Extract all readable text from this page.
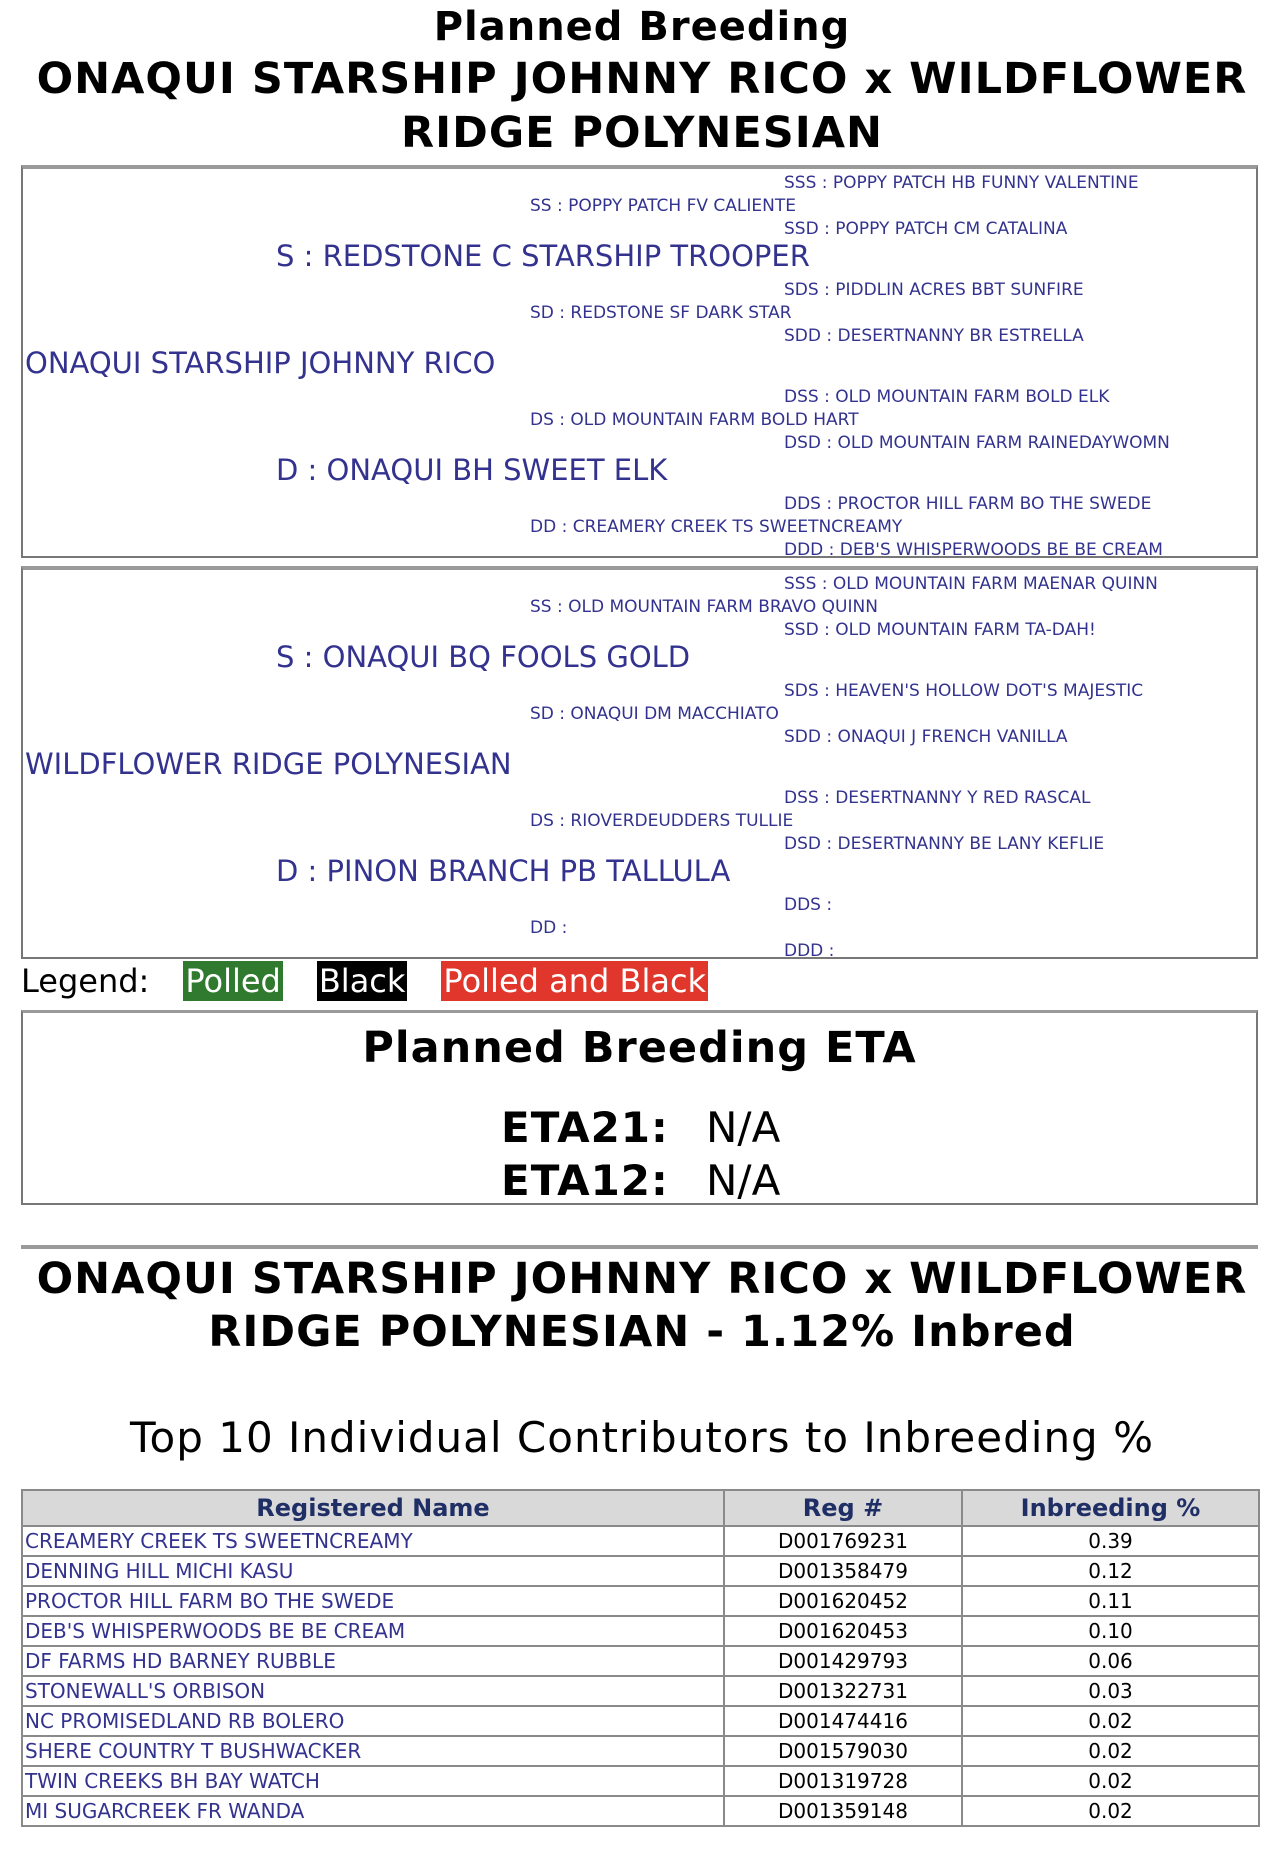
Planned Breeding
ONAQUI STARSHIP JOHNNY RICO x WILDFLOWER
RIDGE POLYNESIAN
SSS : POPPY PATCH HB FUNNY VALENTINE
SS : POPPY PATCH FV CALIENTE
SSD : POPPY PATCH CM CATALINA
S : REDSTONE C STARSHIP TROOPER
SDS : PIDDLIN ACRES BBT SUNFIRE
SD : REDSTONE SF DARK STAR
SDD : DESERTNANNY BR ESTRELLA
ONAQUI STARSHIP JOHNNY RICO
DSS : OLD MOUNTAIN FARM BOLD ELK
DS : OLD MOUNTAIN FARM BOLD HART
DSD : OLD MOUNTAIN FARM RAINEDAYWOMN
D : ONAQUI BH SWEET ELK
DDS : PROCTOR HILL FARM BO THE SWEDE
DD : CREAMERY CREEK TS SWEETNCREAMY
DDD : DEB'S WHISPERWOODS BE BE CREAM
SSS : OLD MOUNTAIN FARM MAENAR QUINN
SS : OLD MOUNTAIN FARM BRAVO QUINN
SSD : OLD MOUNTAIN FARM TA-DAH!
S : ONAQUI BQ FOOLS GOLD
SDS : HEAVEN'S HOLLOW DOT'S MAJESTIC
SD : ONAQUI DM MACCHIATO
SDD : ONAQUI J FRENCH VANILLA
WILDFLOWER RIDGE POLYNESIAN
DSS : DESERTNANNY Y RED RASCAL
DS : RIOVERDEUDDERS TULLIE
DSD : DESERTNANNY BE LANY KEFLIE
D : PINON BRANCH PB TALLULA
DDS :
DD :
DDD :
Legend: Polled Black Polled and Black
Planned Breeding ETA
ETA21: N/A
ETA12: N/A
ONAQUI STARSHIP JOHNNY RICO x WILDFLOWER
RIDGE POLYNESIAN - 1.12% Inbred
Top 10 Individual Contributors to Inbreeding %
Registered Name	Reg #	Inbreeding %
CREAMERY CREEK TS SWEETNCREAMY	D001769231	0.39
DENNING HILL MICHI KASU	D001358479	0.12
PROCTOR HILL FARM BO THE SWEDE	D001620452	0.11
DEB'S WHISPERWOODS BE BE CREAM	D001620453	0.10
DF FARMS HD BARNEY RUBBLE	D001429793	0.06
STONEWALL'S ORBISON	D001322731	0.03
NC PROMISEDLAND RB BOLERO	D001474416	0.02
SHERE COUNTRY T BUSHWACKER	D001579030	0.02
TWIN CREEKS BH BAY WATCH	D001319728	0.02
MI SUGARCREEK FR WANDA	D001359148	0.02
